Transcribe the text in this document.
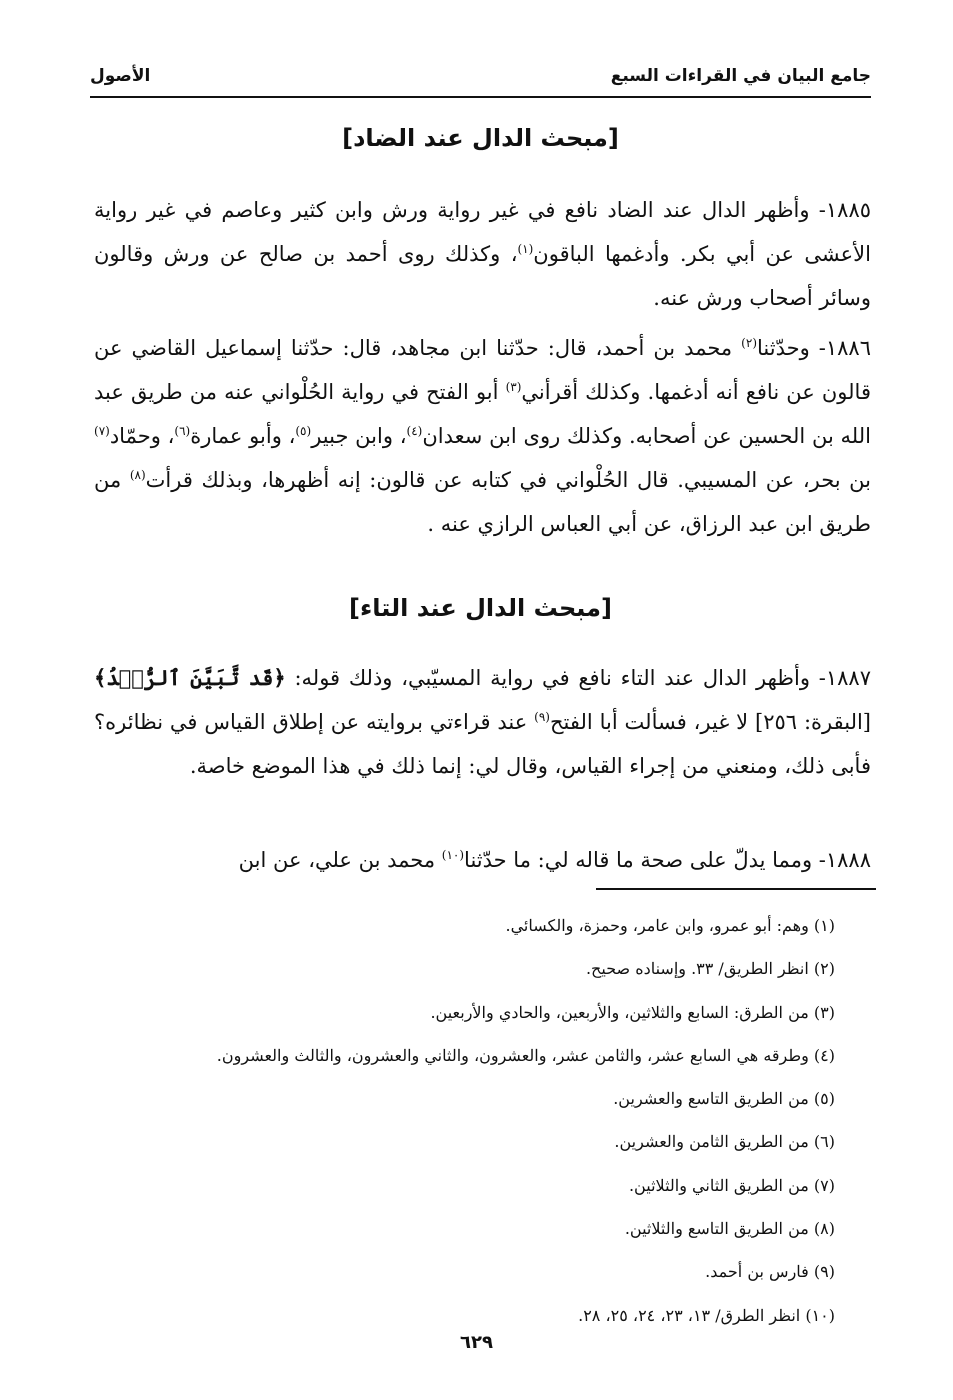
جامع البيان في القراءات السبع
الأصول
[مبحث الدال عند الضاد]
١٨٨٥- وأظهر الدال عند الضاد نافع في غير رواية ورش وابن كثير وعاصم في غير رواية الأعشى عن أبي بكر. وأدغمها الباقون$^{(١)}$، وكذلك روى أحمد بن صالح عن ورش وقالون وسائر أصحاب ورش عنه.
١٨٨٦- وحدّثنا$^{(٢)}$ محمد بن أحمد، قال: حدّثنا ابن مجاهد، قال: حدّثنا إسماعيل القاضي عن قالون عن نافع أنه أدغمها. وكذلك أقرأني$^{(٣)}$ أبو الفتح في رواية الحُلْواني عنه من طريق عبد الله بن الحسين عن أصحابه. وكذلك روى ابن سعدان$^{(٤)}$، وابن جبير$^{(٥)}$، وأبو عمارة$^{(٦)}$، وحمّاد$^{(٧)}$ بن بحر، عن المسيبي. قال الحُلْواني في كتابه عن قالون: إنه أظهرها، وبذلك قرأت$^{(٨)}$ من طريق ابن عبد الرزاق، عن أبي العباس الرازي عنه .
[مبحث الدال عند التاء]
١٨٨٧- وأظهر الدال عند التاء نافع في رواية المسيّبي، وذلك قوله: ﴿قَد تَّبَيَّنَ ٱلرُّشۡدُ﴾ [البقرة: ٢٥٦] لا غير، فسألت أبا الفتح$^{(٩)}$ عند قراءتي بروايته عن إطلاق القياس في نظائره؟ فأبى ذلك، ومنعني من إجراء القياس، وقال لي: إنما ذلك في هذا الموضع خاصة.
١٨٨٨- ومما يدلّ على صحة ما قاله لي: ما حدّثنا$^{(١٠)}$ محمد بن علي، عن ابن
(١) وهم: أبو عمرو، وابن عامر، وحمزة، والكسائي.
(٢) انظر الطريق/ ٣٣. وإسناده صحيح.
(٣) من الطرق: السابع والثلاثين، والأربعين، والحادي والأربعين.
(٤) وطرقه هي السابع عشر، والثامن عشر، والعشرون، والثاني والعشرون، والثالث والعشرون.
(٥) من الطريق التاسع والعشرين.
(٦) من الطريق الثامن والعشرين.
(٧) من الطريق الثاني والثلاثين.
(٨) من الطريق التاسع والثلاثين.
(٩) فارس بن أحمد.
(١٠) انظر الطرق/ ١٣، ٢٣، ٢٤، ٢٥، ٢٨.
٦٢٩
